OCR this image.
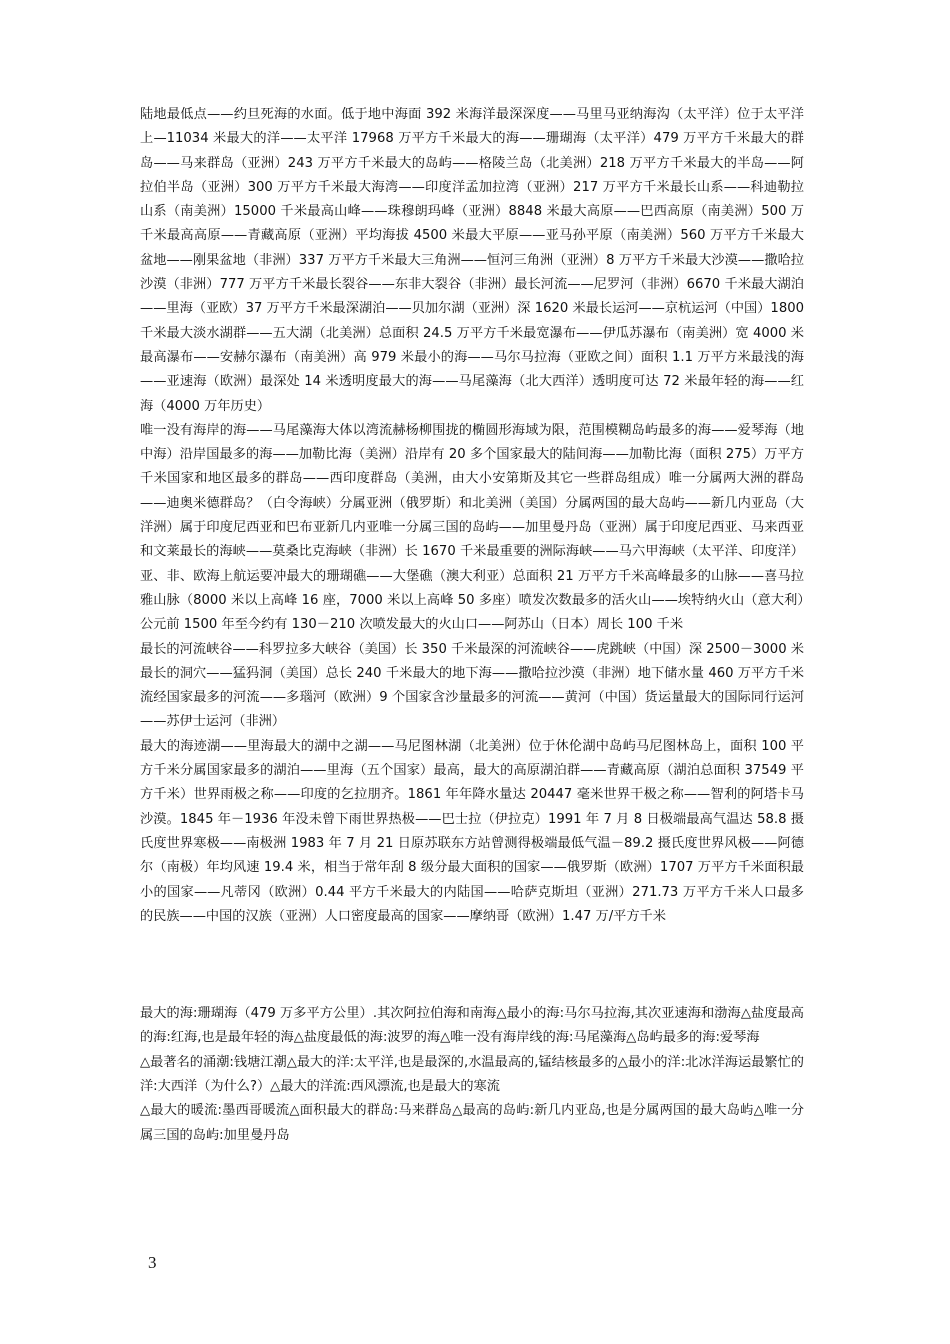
陆地最低点——约旦死海的水面。低于地中海面 392 米海洋最深深度——马里马亚纳海沟（太平洋）位于太平洋上—11034 米最大的洋——太平洋 17968 万平方千米最大的海——珊瑚海（太平洋）479 万平方千米最大的群岛——马来群岛（亚洲）243 万平方千米最大的岛屿——格陵兰岛（北美洲）218 万平方千米最大的半岛——阿拉伯半岛（亚洲）300 万平方千米最大海湾——印度洋孟加拉湾（亚洲）217 万平方千米最长山系——科迪勒拉山系（南美洲）15000 千米最高山峰——珠穆朗玛峰（亚洲）8848 米最大高原——巴西高原（南美洲）500 万千米最高高原——青藏高原（亚洲）平均海拔 4500 米最大平原——亚马孙平原（南美洲）560 万平方千米最大盆地——刚果盆地（非洲）337 万平方千米最大三角洲——恒河三角洲（亚洲）8 万平方千米最大沙漠——撒哈拉沙漠（非洲）777 万平方千米最长裂谷——东非大裂谷（非洲）最长河流——尼罗河（非洲）6670 千米最大湖泊——里海（亚欧）37 万平方千米最深湖泊——贝加尔湖（亚洲）深 1620 米最长运河——京杭运河（中国）1800 千米最大淡水湖群——五大湖（北美洲）总面积 24.5 万平方千米最宽瀑布——伊瓜苏瀑布（南美洲）宽 4000 米最高瀑布——安赫尔瀑布（南美洲）高 979 米最小的海——马尔马拉海（亚欧之间）面积 1.1 万平方米最浅的海——亚速海（欧洲）最深处 14 米透明度最大的海——马尾藻海（北大西洋）透明度可达 72 米最年轻的海——红海（4000 万年历史）

唯一没有海岸的海——马尾藻海大体以湾流赫杨柳围拢的椭圆形海域为限，范围模糊岛屿最多的海——爱琴海（地中海）沿岸国最多的海——加勒比海（美洲）沿岸有 20 多个国家最大的陆间海——加勒比海（面积 275）万平方千米国家和地区最多的群岛——西印度群岛（美洲，由大小安第斯及其它一些群岛组成）唯一分属两大洲的群岛——迪奥米德群岛？（白令海峡）分属亚洲（俄罗斯）和北美洲（美国）分属两国的最大岛屿——新几内亚岛（大洋洲）属于印度尼西亚和巴布亚新几内亚唯一分属三国的岛屿——加里曼丹岛（亚洲）属于印度尼西亚、马来西亚和文莱最长的海峡——莫桑比克海峡（非洲）长 1670 千米最重要的洲际海峡——马六甲海峡（太平洋、印度洋）亚、非、欧海上航运要冲最大的珊瑚礁——大堡礁（澳大利亚）总面积 21 万平方千米高峰最多的山脉——喜马拉雅山脉（8000 米以上高峰 16 座，7000 米以上高峰 50 多座）喷发次数最多的活火山——埃特纳火山（意大利）公元前 1500 年至今约有 130－210 次喷发最大的火山口——阿苏山（日本）周长 100 千米

最长的河流峡谷——科罗拉多大峡谷（美国）长 350 千米最深的河流峡谷——虎跳峡（中国）深 2500－3000 米最长的洞穴——猛犸洞（美国）总长 240 千米最大的地下海——撒哈拉沙漠（非洲）地下储水量 460 万平方千米流经国家最多的河流——多瑙河（欧洲）9 个国家含沙量最多的河流——黄河（中国）货运量最大的国际同行运河——苏伊士运河（非洲）

最大的海迹湖——里海最大的湖中之湖——马尼图林湖（北美洲）位于休伦湖中岛屿马尼图林岛上，面积 100 平方千米分属国家最多的湖泊——里海（五个国家）最高，最大的高原湖泊群——青藏高原（湖泊总面积 37549 平方千米）世界雨极之称——印度的乞拉朋齐。1861 年年降水量达 20447 毫米世界干极之称——智利的阿塔卡马沙漠。1845 年－1936 年没未曾下雨世界热极——巴士拉（伊拉克）1991 年 7 月 8 日极端最高气温达 58.8 摄氏度世界寒极——南极洲 1983 年 7 月 21 日原苏联东方站曾测得极端最低气温－89.2 摄氏度世界风极——阿德尔（南极）年均风速 19.4 米，相当于常年刮 8 级分最大面积的国家——俄罗斯（欧洲）1707 万平方千米面积最小的国家——凡蒂冈（欧洲）0.44 平方千米最大的内陆国——哈萨克斯坦（亚洲）271.73 万平方千米人口最多的民族——中国的汉族（亚洲）人口密度最高的国家——摩纳哥（欧洲）1.47 万/平方千米

最大的海:珊瑚海（479 万多平方公里）.其次阿拉伯海和南海△最小的海:马尔马拉海,其次亚速海和渤海△盐度最高的海:红海,也是最年轻的海△盐度最低的海:波罗的海△唯一没有海岸线的海:马尾藻海△岛屿最多的海:爱琴海

△最著名的涌潮:钱塘江潮△最大的洋:太平洋,也是最深的,水温最高的,锰结核最多的△最小的洋:北冰洋海运最繁忙的洋:大西洋（为什么?）△最大的洋流:西风漂流,也是最大的寒流

△最大的暖流:墨西哥暖流△面积最大的群岛:马来群岛△最高的岛屿:新几内亚岛,也是分属两国的最大岛屿△唯一分属三国的岛屿:加里曼丹岛

3
